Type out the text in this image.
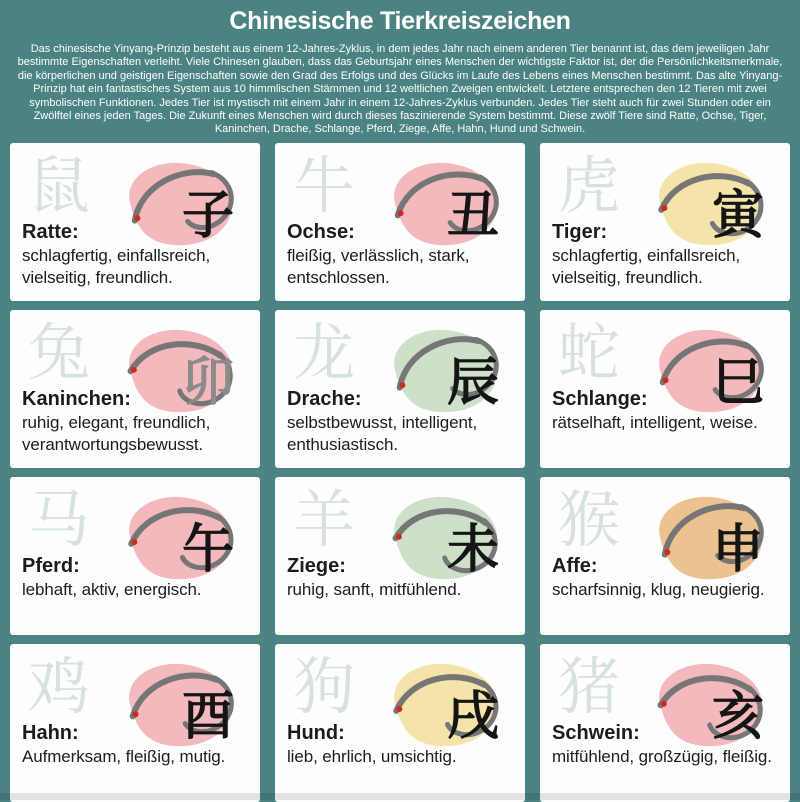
Chinesische Tierkreiszeichen

Das chinesische Yinyang-Prinzip besteht aus einem 12-Jahres-Zyklus, in dem jedes Jahr nach einem anderen Tier benannt ist, das dem jeweiligen Jahr bestimmte Eigenschaften verleiht. Viele Chinesen glauben, dass das Geburtsjahr eines Menschen der wichtigste Faktor ist, der die Persönlichkeitsmerkmale, die körperlichen und geistigen Eigenschaften sowie den Grad des Erfolgs und des Glücks im Laufe des Lebens eines Menschen bestimmt. Das alte Yinyang-Prinzip hat ein fantastisches System aus 10 himmlischen Stämmen und 12 weltlichen Zweigen entwickelt. Letztere entsprechen den 12 Tieren mit zwei symbolischen Funktionen. Jedes Tier ist mystisch mit einem Jahr in einem 12-Jahres-Zyklus verbunden. Jedes Tier steht auch für zwei Stunden oder ein Zwölftel eines jeden Tages. Die Zukunft eines Menschen wird durch dieses faszinierende System bestimmt. Diese zwölf Tiere sind Ratte, Ochse, Tiger, Kaninchen, Drache, Schlange, Pferd, Ziege, Affe, Hahn, Hund und Schwein.

鼠 子
Ratte:
schlagfertig, einfallsreich, vielseitig, freundlich.
牛 丑
Ochse:
fleißig, verlässlich, stark, entschlossen.
虎 寅
Tiger:
schlagfertig, einfallsreich, vielseitig, freundlich.
兔 卯
Kaninchen:
ruhig, elegant, freundlich, verantwortungsbewusst.
龙 辰
Drache:
selbstbewusst, intelligent, enthusiastisch.
蛇 巳
Schlange:
rätselhaft, intelligent, weise.
马 午
Pferd:
lebhaft, aktiv, energisch.
羊 未
Ziege:
ruhig, sanft, mitfühlend.
猴 申
Affe:
scharfsinnig, klug, neugierig.
鸡 酉
Hahn:
Aufmerksam, fleißig, mutig.
狗 戌
Hund:
lieb, ehrlich, umsichtig.
猪 亥
Schwein:
mitfühlend, großzügig, fleißig.
